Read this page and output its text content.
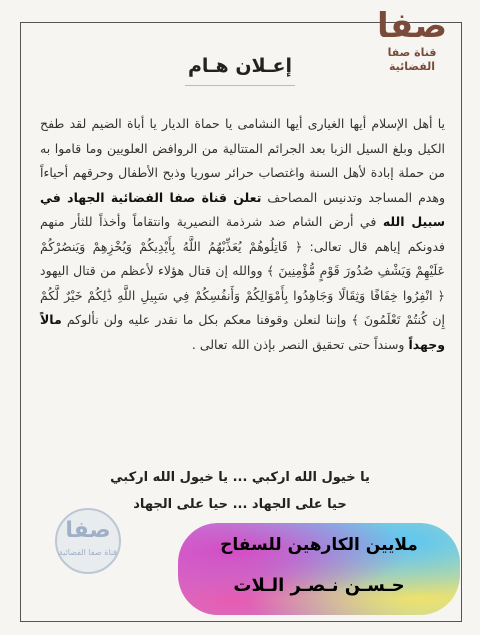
صفا
قناة صفا الفضائية
إعـلان هـام
يا أهل الإسلام أيها الغيارى أيها النشامى يا حماة الديار يا أباة الضيم لقد طفح الكيل وبلغ السيل الزبا بعد الجرائم المتتالية من الروافض العلويين وما قاموا به من حملة إبادة لأهل السنة واغتصاب حرائر سوريا وذبح الأطفال وحرقهم أحياءاً وهدم المساجد وتدنيس المصاحف تعلن قناة صفا الفضائية الجهاد في سبيل الله في أرض الشام ضد شرذمة النصيرية وانتقاماً وأخذاً للثأر منهم فدونكم إياهم قال تعالى: ﴿ قَاتِلُوهُمْ يُعَذِّبْهُمُ اللَّهُ بِأَيْدِيكُمْ وَيُخْزِهِمْ وَيَنصُرْكُمْ عَلَيْهِمْ وَيَشْفِ صُدُورَ قَوْمٍ مُّؤْمِنِينَ ﴾ ووالله إن قتال هؤلاء لأعظم من قتال اليهود ﴿ انْفِرُوا خِفَافًا وَثِقَالًا وَجَاهِدُوا بِأَمْوَالِكُمْ وَأَنفُسِكُمْ فِي سَبِيلِ اللَّهِ ذَٰلِكُمْ خَيْرٌ لَّكُمْ إِن كُنتُمْ تَعْلَمُونَ ﴾ وإننا لنعلن وقوفنا معكم بكل ما نقدر عليه ولن نألوكم مالاً وجهداً وسنداً حتى تحقيق النصر بإذن الله تعالى .
يا خيول الله اركبي ... يا خيول الله اركبي
حيا على الجهاد ... حيا على الجهاد
صفا
قناة صفا الفضائية	ملايين الكارهين للسفاح
حـسـن نـصـر الـلات
